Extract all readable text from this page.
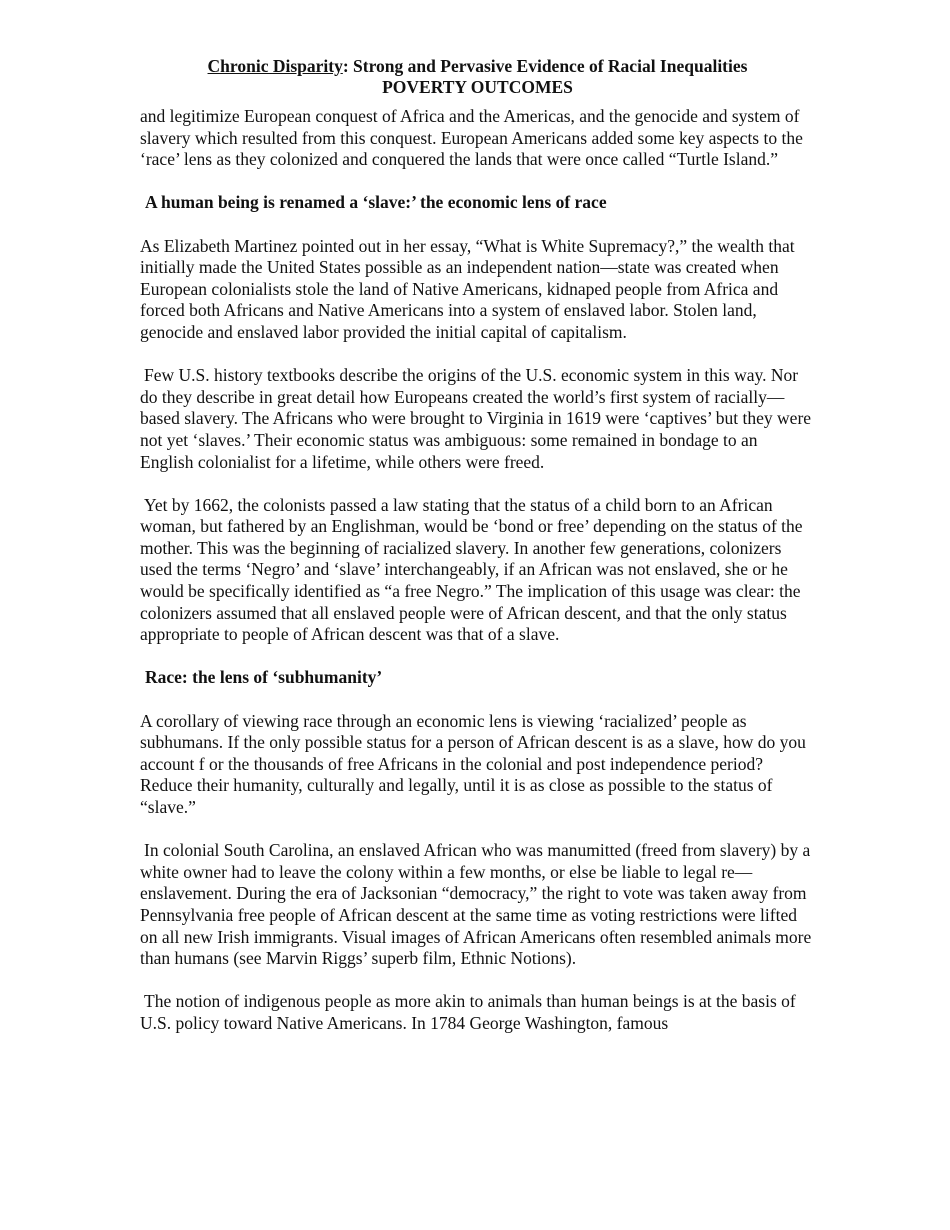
Chronic Disparity: Strong and Pervasive Evidence of Racial Inequalities
POVERTY OUTCOMES

and legitimize European conquest of Africa and the Americas, and the genocide and system of slavery which resulted from this conquest. European Americans added some key aspects to the ‘race’ lens as they colonized and conquered the lands that were once called “Turtle Island.”

A human being is renamed a ‘slave:’ the economic lens of race

As Elizabeth Martinez pointed out in her essay, “What is White Supremacy?,” the wealth that initially made the United States possible as an independent nation—state was created when European colonialists stole the land of Native Americans, kidnaped people from Africa and forced both Africans and Native Americans into a system of enslaved labor. Stolen land, genocide and enslaved labor provided the initial capital of capitalism.

Few U.S. history textbooks describe the origins of the U.S. economic system in this way. Nor do they describe in great detail how Europeans created the world’s first system of racially—based slavery. The Africans who were brought to Virginia in 1619 were ‘captives’ but they were not yet ‘slaves.’ Their economic status was ambiguous: some remained in bondage to an English colonialist for a lifetime, while others were freed.

Yet by 1662, the colonists passed a law stating that the status of a child born to an African woman, but fathered by an Englishman, would be ‘bond or free’ depending on the status of the mother. This was the beginning of racialized slavery. In another few generations, colonizers used the terms ‘Negro’ and ‘slave’ interchangeably, if an African was not enslaved, she or he would be specifically identified as “a free Negro.” The implication of this usage was clear: the colonizers assumed that all enslaved people were of African descent, and that the only status appropriate to people of African descent was that of a slave.

Race: the lens of ‘subhumanity’

A corollary of viewing race through an economic lens is viewing ‘racialized’ people as subhumans. If the only possible status for a person of African descent is as a slave, how do you account f or the thousands of free Africans in the colonial and post independence period? Reduce their humanity, culturally and legally, until it is as close as possible to the status of “slave.”

In colonial South Carolina, an enslaved African who was manumitted (freed from slavery) by a white owner had to leave the colony within a few months, or else be liable to legal re—enslavement. During the era of Jacksonian “democracy,” the right to vote was taken away from Pennsylvania free people of African descent at the same time as voting restrictions were lifted on all new Irish immigrants. Visual images of African Americans often resembled animals more than humans (see Marvin Riggs’ superb film, Ethnic Notions).

The notion of indigenous people as more akin to animals than human beings is at the basis of U.S. policy toward Native Americans. In 1784 George Washington, famous
